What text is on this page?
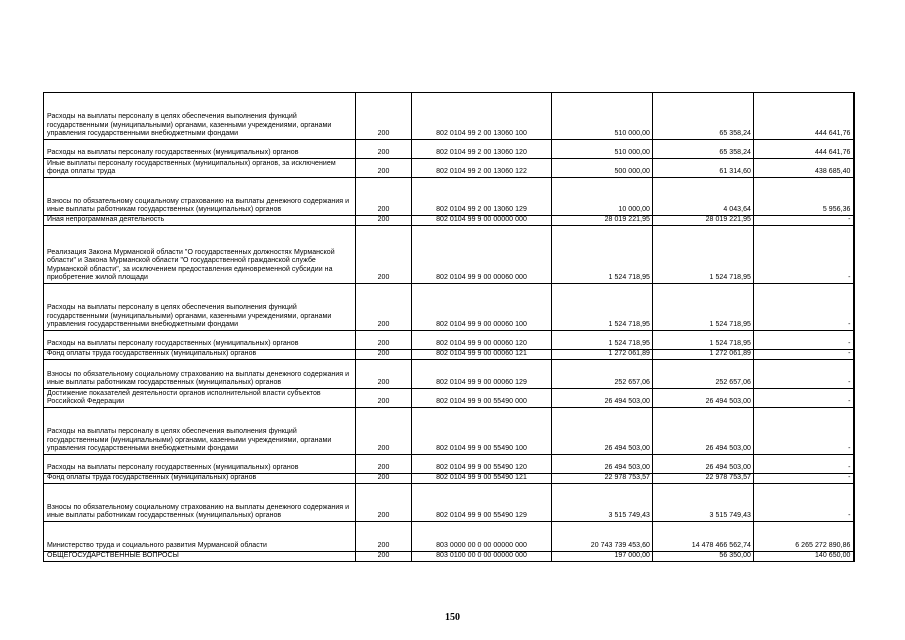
Расходы на выплаты персоналу в целях обеспечения выполнения функций государственными (муниципальными) органами, казенными учреждениями, органами управления государственными внебюджетными фондами	200	802 0104 99 2 00 13060 100	510 000,00	65 358,24	444 641,76
Расходы на выплаты персоналу государственных (муниципальных) органов	200	802 0104 99 2 00 13060 120	510 000,00	65 358,24	444 641,76
Иные выплаты персоналу государственных (муниципальных) органов, за исключением фонда оплаты труда	200	802 0104 99 2 00 13060 122	500 000,00	61 314,60	438 685,40
Взносы по обязательному социальному страхованию на выплаты денежного содержания и иные выплаты работникам государственных (муниципальных) органов	200	802 0104 99 2 00 13060 129	10 000,00	4 043,64	5 956,36
Иная непрограммная деятельность	200	802 0104 99 9 00 00000 000	28 019 221,95	28 019 221,95	-
Реализация Закона Мурманской области "О государственных должностях Мурманской области" и Закона Мурманской области "О государственной гражданской службе Мурманской области", за исключением предоставления единовременной субсидии на приобретение жилой площади	200	802 0104 99 9 00 00060 000	1 524 718,95	1 524 718,95	-
Расходы на выплаты персоналу в целях обеспечения выполнения функций государственными (муниципальными) органами, казенными учреждениями, органами управления государственными внебюджетными фондами	200	802 0104 99 9 00 00060 100	1 524 718,95	1 524 718,95	-
Расходы на выплаты персоналу государственных (муниципальных) органов	200	802 0104 99 9 00 00060 120	1 524 718,95	1 524 718,95	-
Фонд оплаты труда государственных (муниципальных) органов	200	802 0104 99 9 00 00060 121	1 272 061,89	1 272 061,89	-
Взносы по обязательному социальному страхованию на выплаты денежного содержания и иные выплаты работникам государственных (муниципальных) органов	200	802 0104 99 9 00 00060 129	252 657,06	252 657,06	-
Достижение показателей деятельности органов исполнительной власти субъектов Российской Федерации	200	802 0104 99 9 00 55490 000	26 494 503,00	26 494 503,00	-
Расходы на выплаты персоналу в целях обеспечения выполнения функций государственными (муниципальными) органами, казенными учреждениями, органами управления государственными внебюджетными фондами	200	802 0104 99 9 00 55490 100	26 494 503,00	26 494 503,00	-
Расходы на выплаты персоналу государственных (муниципальных) органов	200	802 0104 99 9 00 55490 120	26 494 503,00	26 494 503,00	-
Фонд оплаты труда государственных (муниципальных) органов	200	802 0104 99 9 00 55490 121	22 978 753,57	22 978 753,57	-
Взносы по обязательному социальному страхованию на выплаты денежного содержания и иные выплаты работникам государственных (муниципальных) органов	200	802 0104 99 9 00 55490 129	3 515 749,43	3 515 749,43	-
Министерство труда и социального развития Мурманской области	200	803 0000 00 0 00 00000 000	20 743 739 453,60	14 478 466 562,74	6 265 272 890,86
ОБЩЕГОСУДАРСТВЕННЫЕ ВОПРОСЫ	200	803 0100 00 0 00 00000 000	197 000,00	56 350,00	140 650,00
150
